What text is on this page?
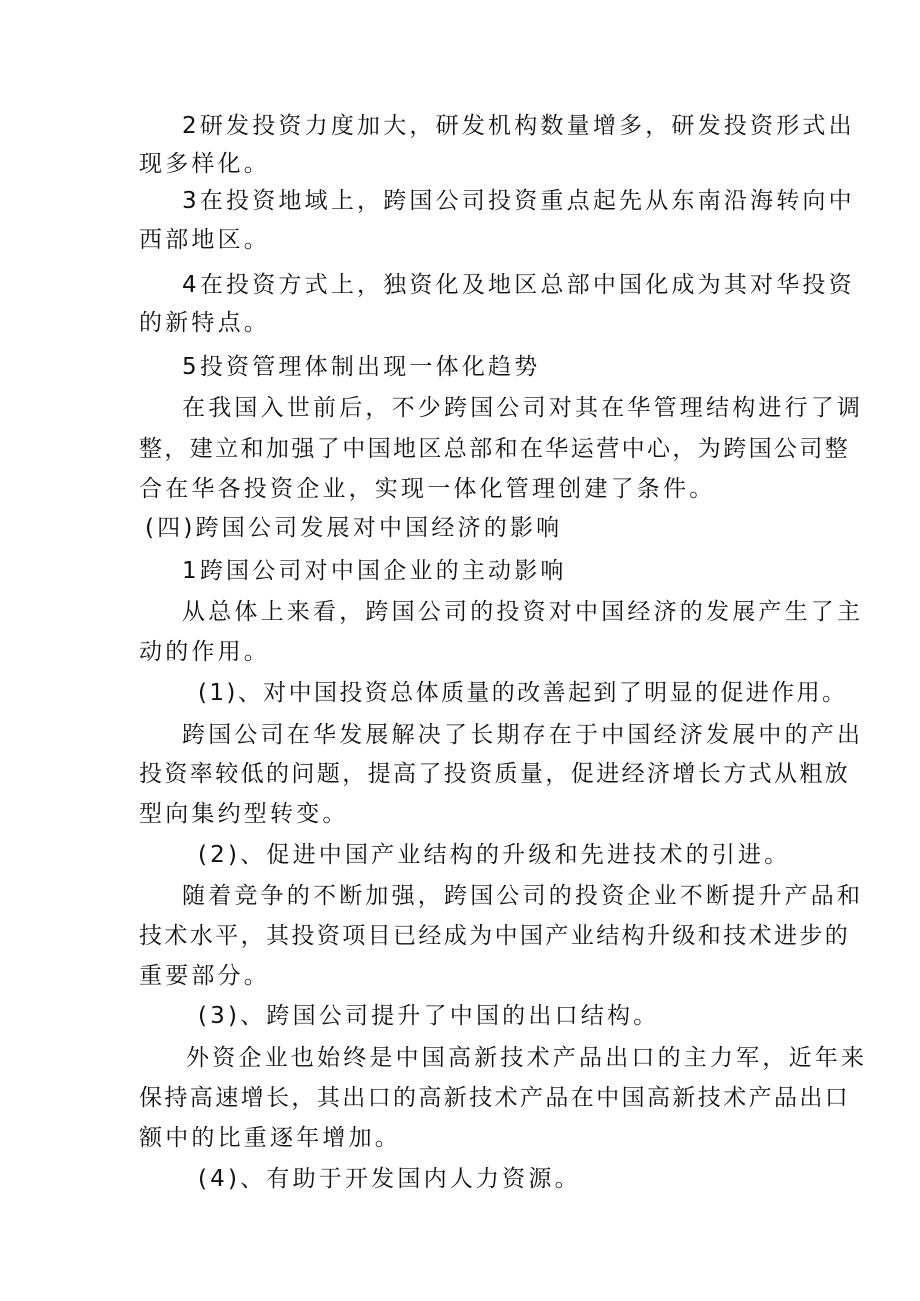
2研发投资力度加大，研发机构数量增多，研发投资形式出
现多样化。
3在投资地域上，跨国公司投资重点起先从东南沿海转向中
西部地区。
4在投资方式上，独资化及地区总部中国化成为其对华投资
的新特点。
5投资管理体制出现一体化趋势
在我国入世前后，不少跨国公司对其在华管理结构进行了调
整，建立和加强了中国地区总部和在华运营中心，为跨国公司整
合在华各投资企业，实现一体化管理创建了条件。
(四)跨国公司发展对中国经济的影响
1跨国公司对中国企业的主动影响
从总体上来看，跨国公司的投资对中国经济的发展产生了主
动的作用。
(1)、对中国投资总体质量的改善起到了明显的促进作用。
跨国公司在华发展解决了长期存在于中国经济发展中的产出
投资率较低的问题，提高了投资质量，促进经济增长方式从粗放
型向集约型转变。
(2)、促进中国产业结构的升级和先进技术的引进。
随着竞争的不断加强，跨国公司的投资企业不断提升产品和
技术水平，其投资项目已经成为中国产业结构升级和技术进步的
重要部分。
(3)、跨国公司提升了中国的出口结构。
外资企业也始终是中国高新技术产品出口的主力军，近年来
保持高速增长，其出口的高新技术产品在中国高新技术产品出口
额中的比重逐年增加。
(4)、有助于开发国内人力资源。
